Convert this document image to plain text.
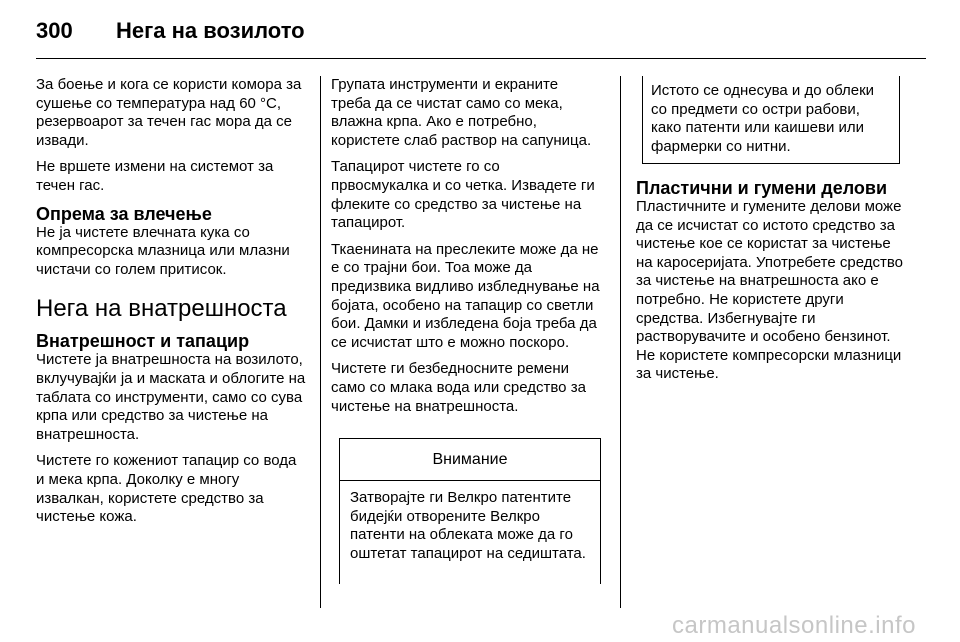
300 Нега на возилото

За боење и кога се користи комора за сушење со температура над 60 °C, резервоарот за течен гас мора да се извади.

Не вршете измени на системот за течен гас.

Опрема за влечење

Не ја чистете влечната кука со компресорска млазница или млазни чистачи со голем притисок.

Нега на внатрешноста
Внатрешност и тапацир

Чистете ја внатрешноста на возилото, вклучувајќи ја и маската и облогите на таблата со инструменти, само со сува крпа или средство за чистење на внатрешноста.

Чистете го кожениот тапацир со вода и мека крпа. Доколку е многу извалкан, користете средство за чистење кожа.

Групата инструменти и екраните треба да се чистат само со мека, влажна крпа. Ако е потребно, користете слаб раствор на сапуница.

Тапацирот чистете го со првосмукалка и со четка. Извадете ги флеките со средство за чистење на тапацирот.

Ткаенината на преслеките може да не е со трајни бои. Тоа може да предизвика видливо избледнување на бојата, особено на тапацир со светли бои. Дамки и избледена боја треба да се исчистат што е можно поскоро.

Чистете ги безбедносните ремени само со млака вода или средство за чистење на внатрешноста.

Внимание
Затворајте ги Велкро патентите бидејќи отворените Велкро патенти на облеката може да го оштетат тапацирот на седиштата.
Истото се однесува и до облеки со предмети со остри рабови, како патенти или каишеви или фармерки со нитни.
Пластични и гумени делови

Пластичните и гумените делови може да се исчистат со истото средство за чистење кое се користат за чистење на каросеријата. Употребете средство за чистење на внатрешноста ако е потребно. Не користете други средства. Избегнувајте ги растворувачите и особено бензинот. Не користете компресорски млазници за чистење.

carmanualsonline.info
